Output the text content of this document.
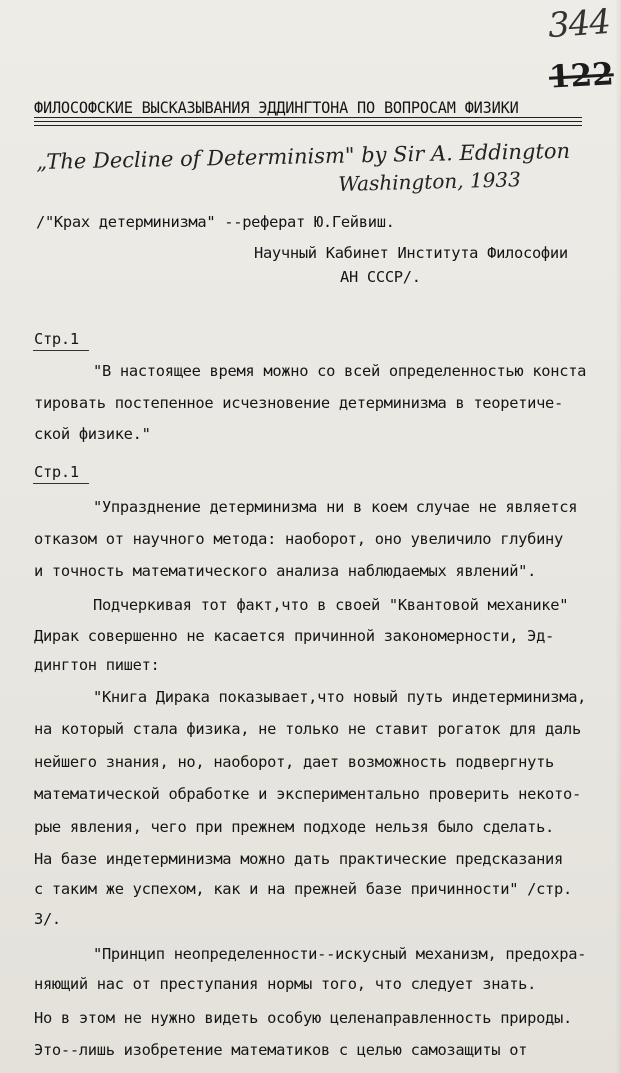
344
122
ФИЛОСОФСКИЕ ВЫСКАЗЫВАНИЯ ЭДДИНГТОНА ПО ВОПРОСАМ ФИЗИКИ
„The Decline of Determinism" by Sir A. Eddington
Washington, 1933
/"Крах детерминизма" --реферат Ю.Гейвиш.
Научный Кабинет Института Философии
АН СССР/.
Стр.1
"В настоящее время можно со всей определенностью конста
тировать постепенное исчезновение детерминизма в теоретиче-
ской физике."
Стр.1
"Упразднение детерминизма ни в коем случае не является
отказом от научного метода: наоборот, оно увеличило глубину
и точность математического анализа наблюдаемых явлений".
Подчеркивая тот факт,что в своей "Квантовой механике"
Дирак совершенно не касается причинной закономерности, Эд-
дингтон пишет:
"Книга Дирака показывает,что новый путь индетерминизма,
на который стала физика, не только не ставит рогаток для даль
нейшего знания, но, наоборот, дает возможность подвергнуть
математической обработке и экспериментально проверить некото-
рые явления, чего при прежнем подходе нельзя было сделать.
На базе индетерминизма можно дать практические предсказания
с таким же успехом, как и на прежней базе причинности" /стр.
3/.
"Принцип неопределенности--искусный механизм, предохра-
няющий нас от преступания нормы того, что следует знать.
Но в этом не нужно видеть особую целенаправленность природы.
Это--лишь изобретение математиков с целью самозащиты от
